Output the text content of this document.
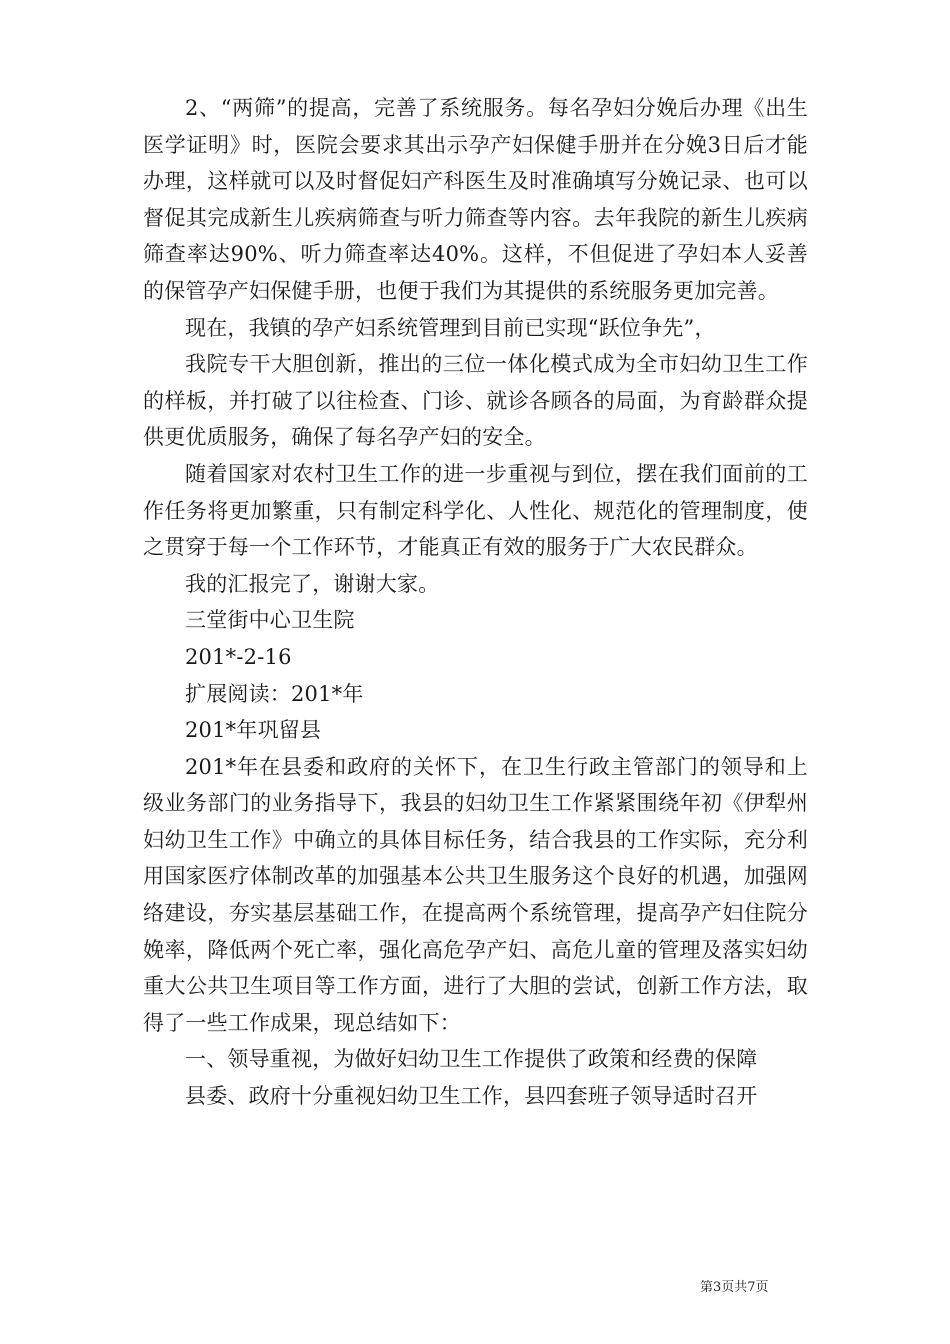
2、“两筛”的提高，完善了系统服务。每名孕妇分娩后办理《出生医学证明》时，医院会要求其出示孕产妇保健手册并在分娩3日后才能办理，这样就可以及时督促妇产科医生及时准确填写分娩记录、也可以督促其完成新生儿疾病筛查与听力筛查等内容。去年我院的新生儿疾病筛查率达90%、听力筛查率达40%。这样，不但促进了孕妇本人妥善的保管孕产妇保健手册，也便于我们为其提供的系统服务更加完善。

现在，我镇的孕产妇系统管理到目前已实现“跃位争先”，

我院专干大胆创新，推出的三位一体化模式成为全市妇幼卫生工作的样板，并打破了以往检查、门诊、就诊各顾各的局面，为育龄群众提供更优质服务，确保了每名孕产妇的安全。

随着国家对农村卫生工作的进一步重视与到位，摆在我们面前的工作任务将更加繁重，只有制定科学化、人性化、规范化的管理制度，使之贯穿于每一个工作环节，才能真正有效的服务于广大农民群众。

我的汇报完了，谢谢大家。

三堂街中心卫生院

201*-2-16

扩展阅读：201*年

201*年巩留县

201*年在县委和政府的关怀下，在卫生行政主管部门的领导和上级业务部门的业务指导下，我县的妇幼卫生工作紧紧围绕年初《伊犁州妇幼卫生工作》中确立的具体目标任务，结合我县的工作实际，充分利用国家医疗体制改革的加强基本公共卫生服务这个良好的机遇，加强网络建设，夯实基层基础工作，在提高两个系统管理，提高孕产妇住院分娩率，降低两个死亡率，强化高危孕产妇、高危儿童的管理及落实妇幼重大公共卫生项目等工作方面，进行了大胆的尝试，创新工作方法，取得了一些工作成果，现总结如下：

一、领导重视，为做好妇幼卫生工作提供了政策和经费的保障

县委、政府十分重视妇幼卫生工作，县四套班子领导适时召开

第3页共7页
